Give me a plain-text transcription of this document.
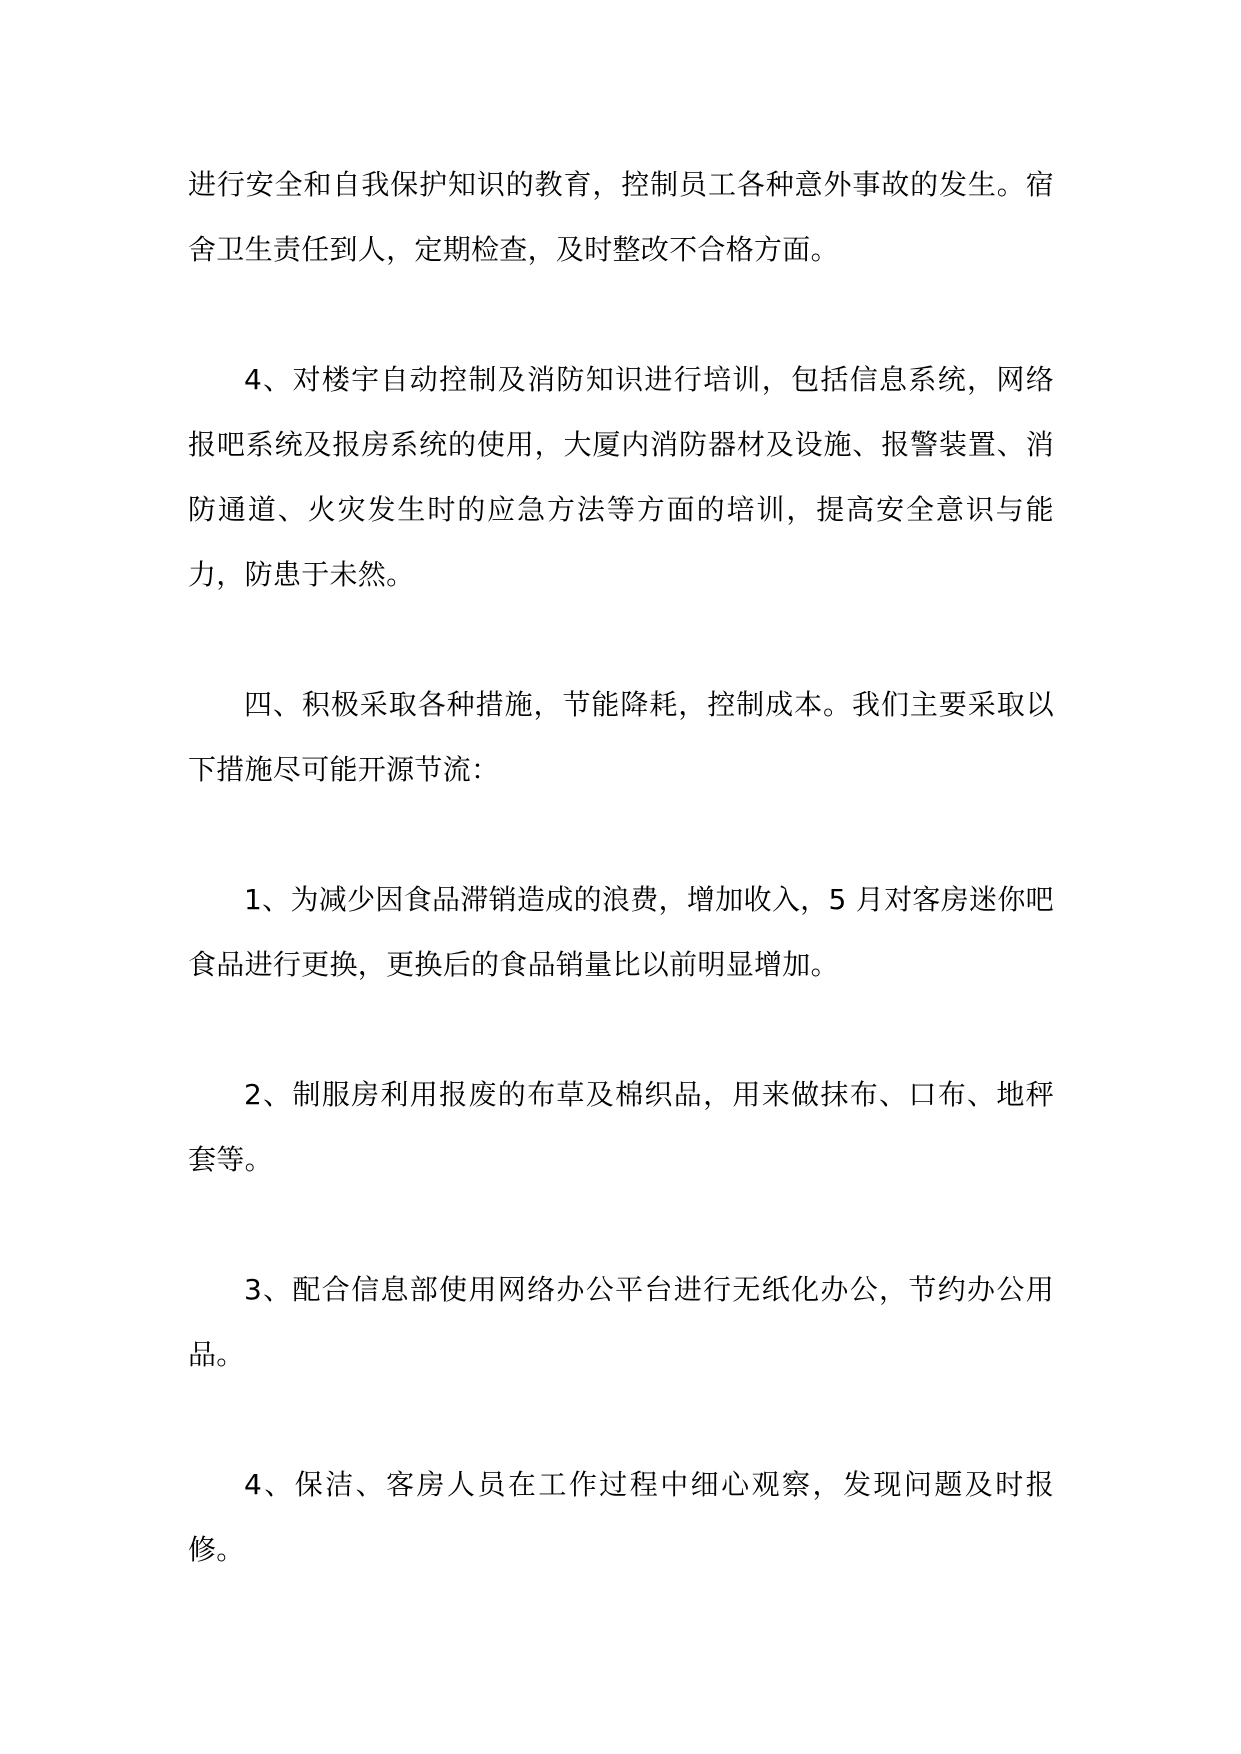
进行安全和自我保护知识的教育，控制员工各种意外事故的发生。宿舍卫生责任到人，定期检查，及时整改不合格方面。

4、对楼宇自动控制及消防知识进行培训，包括信息系统，网络报吧系统及报房系统的使用，大厦内消防器材及设施、报警装置、消防通道、火灾发生时的应急方法等方面的培训，提高安全意识与能力，防患于未然。

四、积极采取各种措施，节能降耗，控制成本。我们主要采取以下措施尽可能开源节流：

1、为减少因食品滞销造成的浪费，增加收入，5 月对客房迷你吧食品进行更换，更换后的食品销量比以前明显增加。

2、制服房利用报废的布草及棉织品，用来做抹布、口布、地秤套等。

3、配合信息部使用网络办公平台进行无纸化办公，节约办公用品。

4、保洁、客房人员在工作过程中细心观察，发现问题及时报修。
